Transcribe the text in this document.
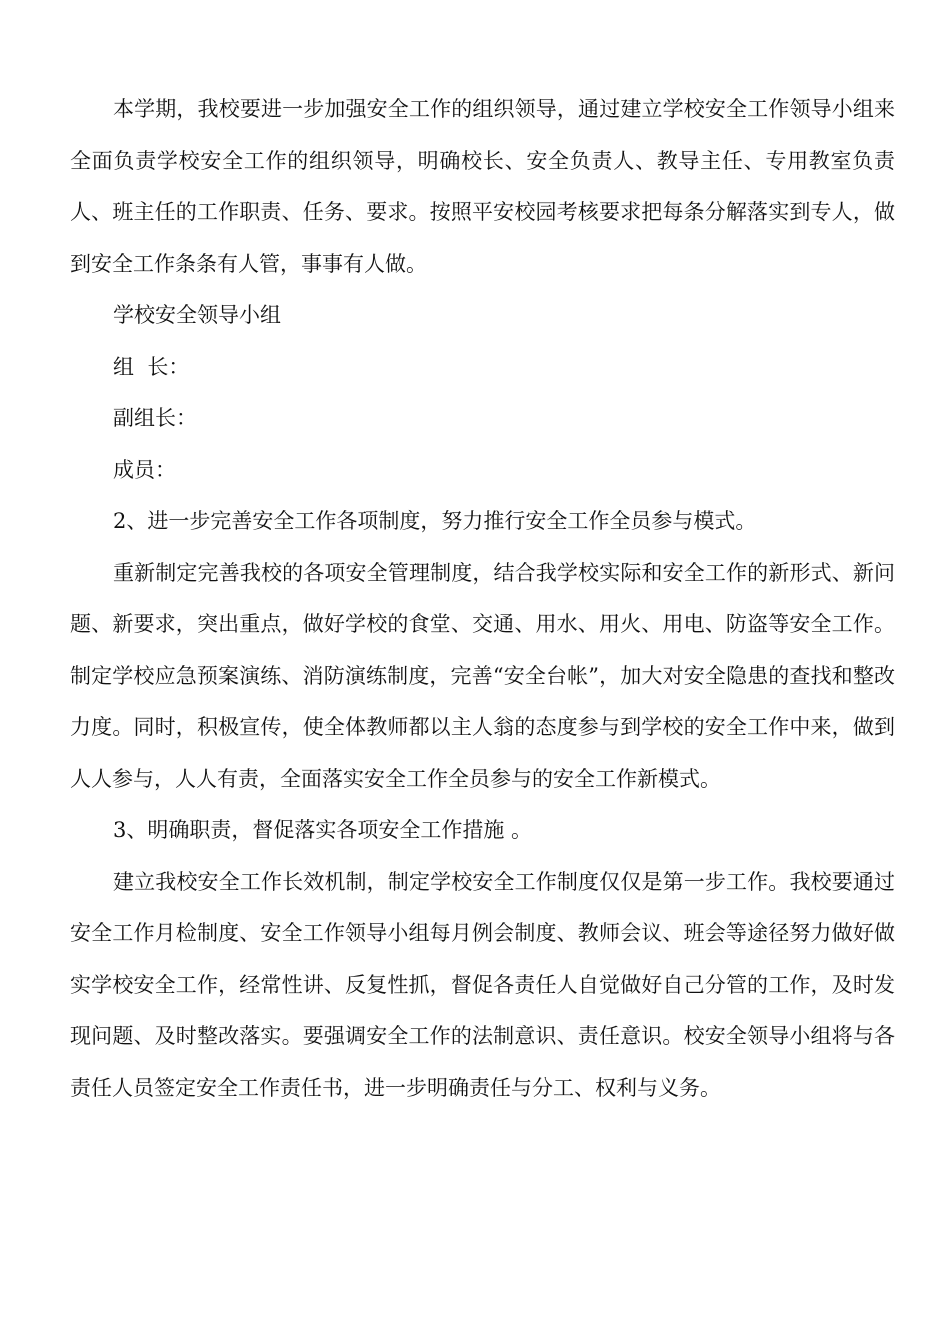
本学期，我校要进一步加强安全工作的组织领导，通过建立学校安全工作领导小组来全面负责学校安全工作的组织领导，明确校长、安全负责人、教导主任、专用教室负责人、班主任的工作职责、任务、要求。按照平安校园考核要求把每条分解落实到专人，做到安全工作条条有人管，事事有人做。

学校安全领导小组

组  长：

副组长：

成员：

2、进一步完善安全工作各项制度，努力推行安全工作全员参与模式。

重新制定完善我校的各项安全管理制度，结合我学校实际和安全工作的新形式、新问题、新要求，突出重点，做好学校的食堂、交通、用水、用火、用电、防盗等安全工作。制定学校应急预案演练、消防演练制度，完善“安全台帐”，加大对安全隐患的查找和整改力度。同时，积极宣传，使全体教师都以主人翁的态度参与到学校的安全工作中来，做到人人参与，人人有责，全面落实安全工作全员参与的安全工作新模式。

3、明确职责，督促落实各项安全工作措施 。

建立我校安全工作长效机制，制定学校安全工作制度仅仅是第一步工作。我校要通过安全工作月检制度、安全工作领导小组每月例会制度、教师会议、班会等途径努力做好做实学校安全工作，经常性讲、反复性抓，督促各责任人自觉做好自己分管的工作，及时发现问题、及时整改落实。要强调安全工作的法制意识、责任意识。校安全领导小组将与各责任人员签定安全工作责任书，进一步明确责任与分工、权利与义务。
